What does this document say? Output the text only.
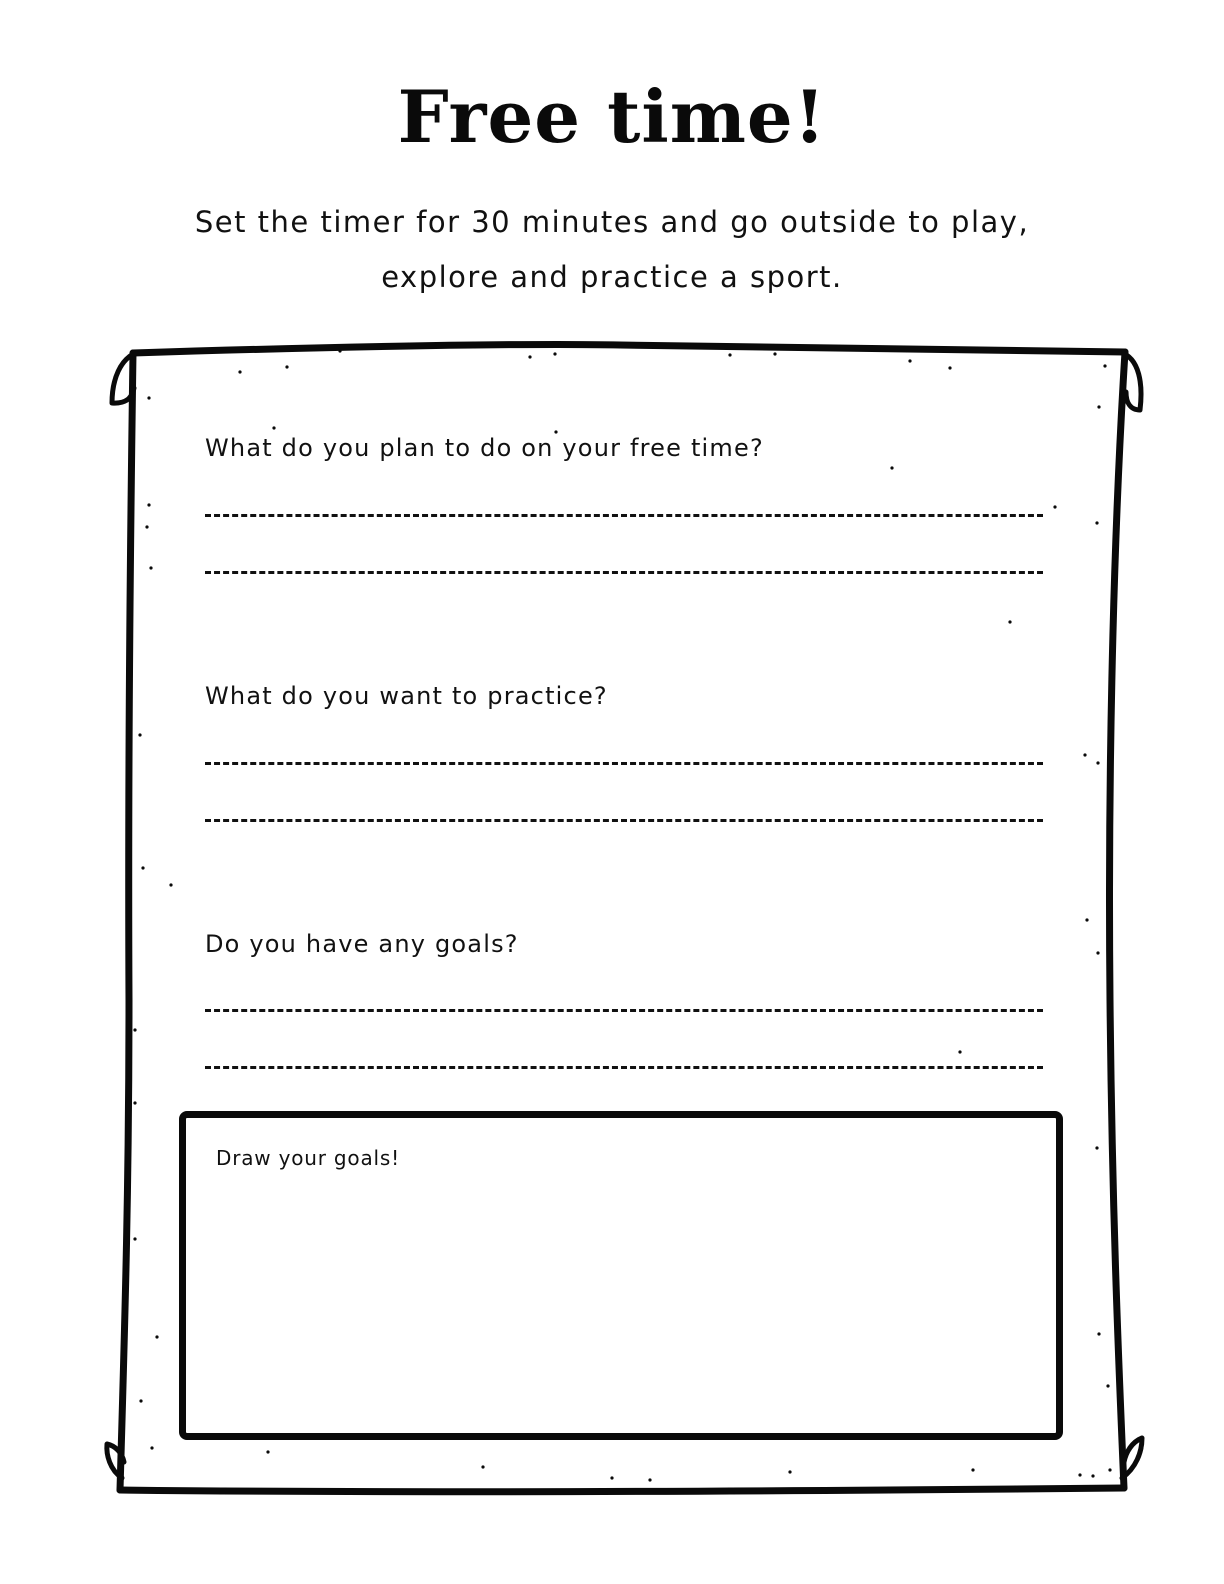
Free time!
Set the timer for 30 minutes and go outside to play,
explore and practice a sport.
What do you plan to do on your free time?
What do you want to practice?
Do you have any goals?
Draw your goals!
